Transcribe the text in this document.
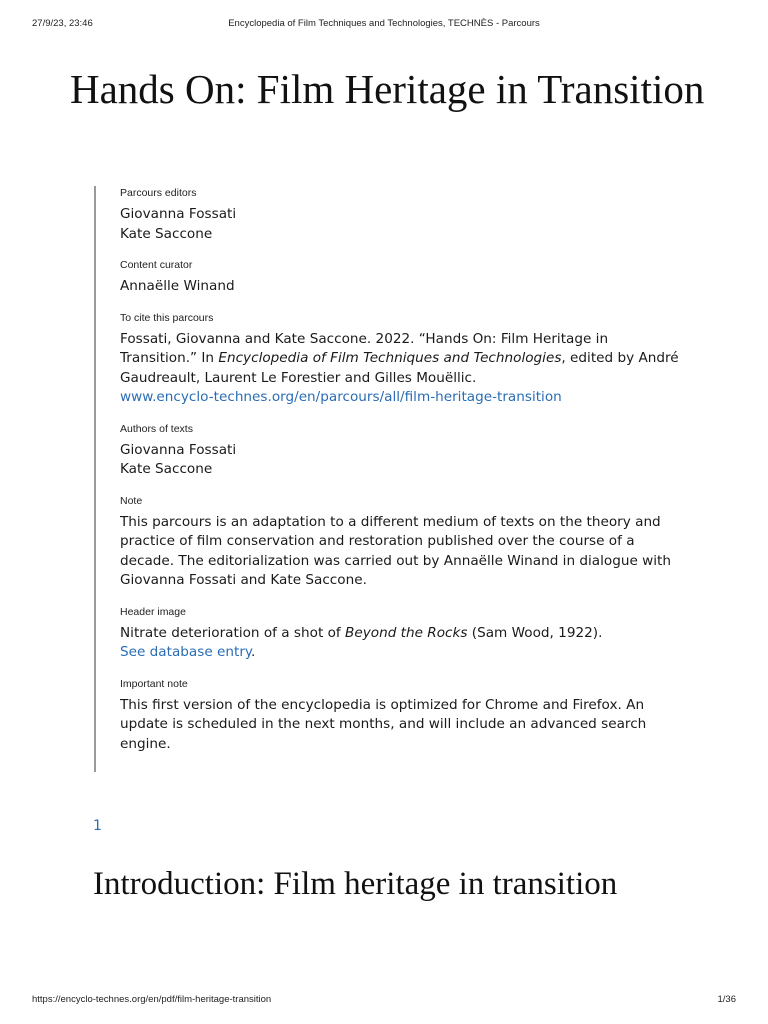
27/9/23, 23:46	Encyclopedia of Film Techniques and Technologies, TECHNÈS - Parcours
Hands On: Film Heritage in Transition
Parcours editors
Giovanna Fossati
Kate Saccone
Content curator
Annaëlle Winand
To cite this parcours
Fossati, Giovanna and Kate Saccone. 2022. “Hands On: Film Heritage in Transition.” In Encyclopedia of Film Techniques and Technologies, edited by André Gaudreault, Laurent Le Forestier and Gilles Mouëllic.
www.encyclo-technes.org/en/parcours/all/film-heritage-transition
Authors of texts
Giovanna Fossati
Kate Saccone
Note
This parcours is an adaptation to a different medium of texts on the theory and practice of film conservation and restoration published over the course of a decade. The editorialization was carried out by Annaëlle Winand in dialogue with Giovanna Fossati and Kate Saccone.
Header image
Nitrate deterioration of a shot of Beyond the Rocks (Sam Wood, 1922).
See database entry.
Important note
This first version of the encyclopedia is optimized for Chrome and Firefox. An update is scheduled in the next months, and will include an advanced search engine.
1
Introduction: Film heritage in transition
https://encyclo-technes.org/en/pdf/film-heritage-transition	1/36
